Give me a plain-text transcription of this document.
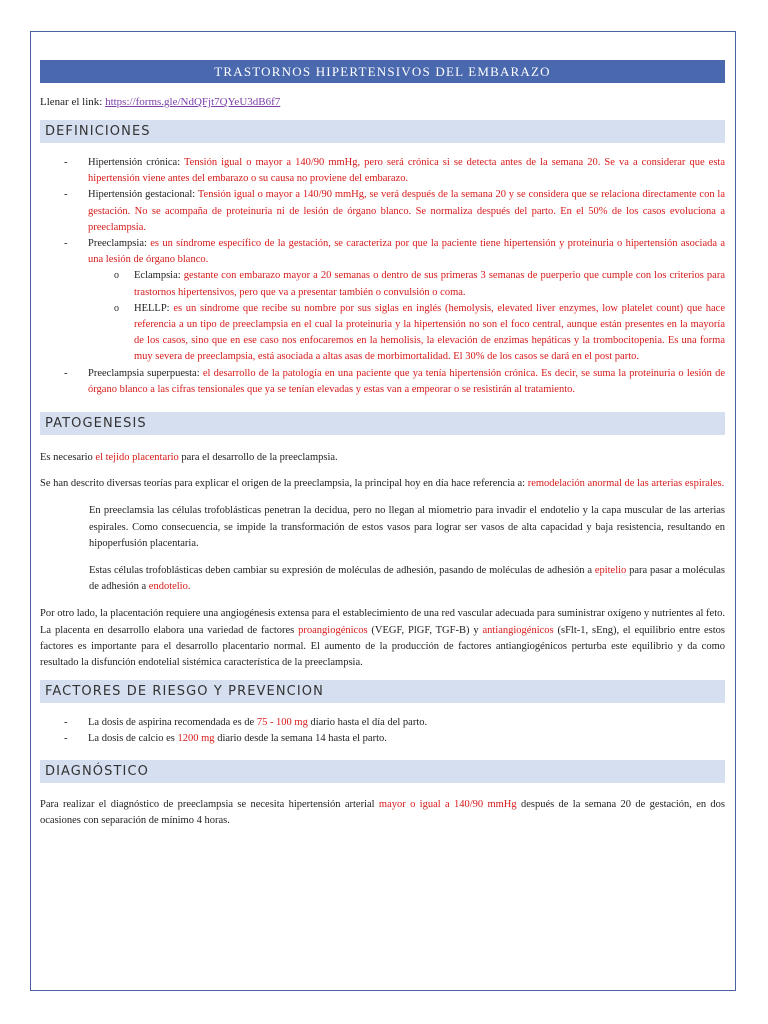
TRASTORNOS HIPERTENSIVOS DEL EMBARAZO
Llenar el link: https://forms.gle/NdQFjt7QYeU3dB6f7
DEFINICIONES
- Hipertensión crónica: Tensión igual o mayor a 140/90 mmHg, pero será crónica si se detecta antes de la semana 20. Se va a considerar que esta hipertensión viene antes del embarazo o su causa no proviene del embarazo.
- Hipertensión gestacional: Tensión igual o mayor a 140/90 mmHg, se verá después de la semana 20 y se considera que se relaciona directamente con la gestación. No se acompaña de proteinuria ni de lesión de órgano blanco. Se normaliza después del parto. En el 50% de los casos evoluciona a preeclampsia.
- Preeclampsia: es un síndrome específico de la gestación, se caracteriza por que la paciente tiene hipertensión y proteinuria o hipertensión asociada a una lesión de órgano blanco.
o Eclampsia: gestante con embarazo mayor a 20 semanas o dentro de sus primeras 3 semanas de puerperio que cumple con los criterios para trastornos hipertensivos, pero que va a presentar también o convulsión o coma.
o HELLP: es un síndrome que recibe su nombre por sus siglas en inglés (hemolysis, elevated liver enzymes, low platelet count) que hace referencia a un tipo de preeclampsia en el cual la proteinuria y la hipertensión no son el foco central, aunque están presentes en la mayoría de los casos, sino que en ese caso nos enfocaremos en la hemolisis, la elevación de enzimas hepáticas y la trombocitopenia. Es una forma muy severa de preeclampsia, está asociada a altas asas de morbimortalidad. El 30% de los casos se dará en el post parto.
- Preeclampsia superpuesta: el desarrollo de la patología en una paciente que ya tenía hipertensión crónica. Es decir, se suma la proteinuria o lesión de órgano blanco a las cifras tensionales que ya se tenían elevadas y estas van a empeorar o se resistirán al tratamiento.
PATOGENESIS

Es necesario el tejido placentario para el desarrollo de la preeclampsia.

Se han descrito diversas teorías para explicar el origen de la preeclampsia, la principal hoy en día hace referencia a: remodelación anormal de las arterias espirales.

En preeclamsia las células trofoblásticas penetran la decidua, pero no llegan al miometrio para invadir el endotelio y la capa muscular de las arterias espirales. Como consecuencia, se impide la transformación de estos vasos para lograr ser vasos de alta capacidad y baja resistencia, resultando en hipoperfusión placentaria.

Estas células trofoblásticas deben cambiar su expresión de moléculas de adhesión, pasando de moléculas de adhesión a epitelio para pasar a moléculas de adhesión a endotelio.

Por otro lado, la placentación requiere una angiogénesis extensa para el establecimiento de una red vascular adecuada para suministrar oxígeno y nutrientes al feto. La placenta en desarrollo elabora una variedad de factores proangiogénicos (VEGF, PlGF, TGF-B) y antiangiogénicos (sFlt-1, sEng), el equilibrio entre estos factores es importante para el desarrollo placentario normal. El aumento de la producción de factores antiangiogénicos perturba este equilibrio y da como resultado la disfunción endotelial sistémica característica de la preeclampsia.

FACTORES DE RIESGO Y PREVENCION
- La dosis de aspirina recomendada es de 75 - 100 mg diario hasta el día del parto.
- La dosis de calcio es 1200 mg diario desde la semana 14 hasta el parto.
DIAGNÓSTICO

Para realizar el diagnóstico de preeclampsia se necesita hipertensión arterial mayor o igual a 140/90 mmHg después de la semana 20 de gestación, en dos ocasiones con separación de mínimo 4 horas.
